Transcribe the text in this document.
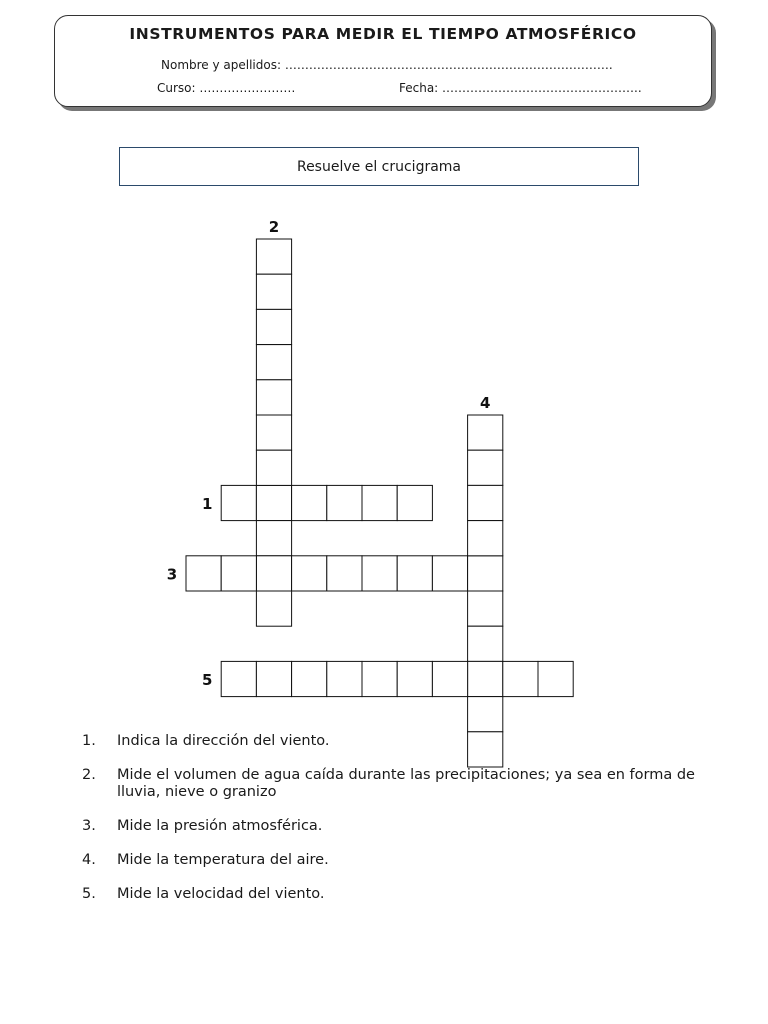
INSTRUMENTOS PARA MEDIR EL TIEMPO ATMOSFÉRICO
Nombre y apellidos: ……………………………………………………………………….
Curso: ……………………	Fecha: …………………………………………..
Resuelve el crucigrama
1
2
3
4
5
1.	Indica la dirección del viento.
2.	Mide el volumen de agua caída durante las precipitaciones; ya sea en forma de lluvia, nieve o granizo
3.	Mide la presión atmosférica.
4.	Mide la temperatura del aire.
5.	Mide la velocidad del viento.
